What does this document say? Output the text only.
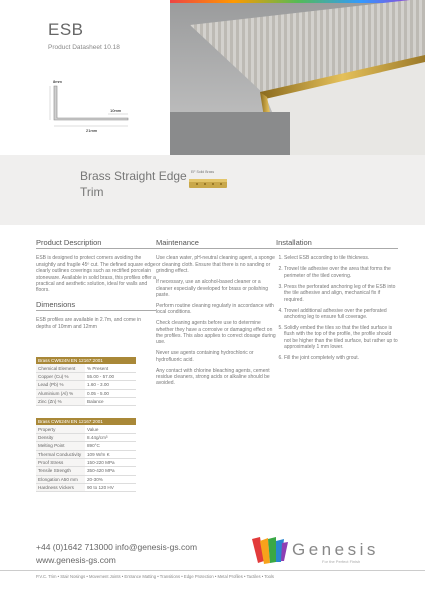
ESB
Product Datasheet 10.18
8mm
10mm
21mm
Brass Straight Edge
Trim
EF Solid Brass
Product Description

ESB is designed to protect corners avoiding the unsightly and fragile 45º cut. The defined square edge clearly outlines coverings such as rectified porcelain stoneware. Available in solid brass, this profiles offer a practical and aesthetic solution, ideal for walls and floors.

Dimensions

ESB profiles are available in 2.7m, and come in depths of 10mm and 12mm

Brass CW624N EN 12167:2001	
Chemical Element	% Present
Copper (Cu) %	55.00 - 57.00
Lead (Pb) %	1.60 - 3.00
Aluminium (Al) %	0.05 - 5.00
Zinc (Zn) %	Balance
Brass CW624N EN 12167:2001	
Property	Value
Density	8.44g/cm³
Melting Point	890°C
Thermal Conductivity	109 W/m K
Proof Stress	150-220 MPa
Tensile Strength	350-420 MPa
Elongation A50 mm	20-30%
Hardness Vickers	90 to 120 HV
Maintenance

Use clean water, pH-neutral cleaning agent, a sponge or cleaning cloth. Ensure that there is no sanding or grinding effect.

If necessary, use an alcohol-based cleaner or a cleaner especially developed for brass or polishing paste.

Perform routine cleaning regularly in accordance with local conditions.

Check cleaning agents before use to determine whether they have a corrosive or damaging effect on the profiles. This also applies to correct dosage during use.

Never use agents containing hydrochloric or hydrofluoric acid.

Any contact with chlorine bleaching agents, cement residue cleaners, strong acids or alkaline should be avoided.

Installation
1. Select ESB according to tile thickness.
2. Trowel tile adhesive over the area that forms the perimeter of the tiled covering.
3. Press the perforated anchoring leg of the ESB into the tile adhesive and align, mechanical fix if required.
4. Trowel additional adhesive over the perforated anchoring leg to ensure full coverage.
5. Solidly embed the tiles so that the tiled surface is flush with the top of the profile, the profile should not be higher than the tiled surface, but rather up to approximately 1 mm lower.
6. Fill the joint completely with grout.
+44 (0)1642 713000 info@genesis-gs.com
www.genesis-gs.com
Genesis
For the Perfect Finish
P.V.C. Trim • Stair Nosings • Movement Joints • Entrance Matting • Transitions • Edge Protection • Metal Profiles • Tactiles • Tools
